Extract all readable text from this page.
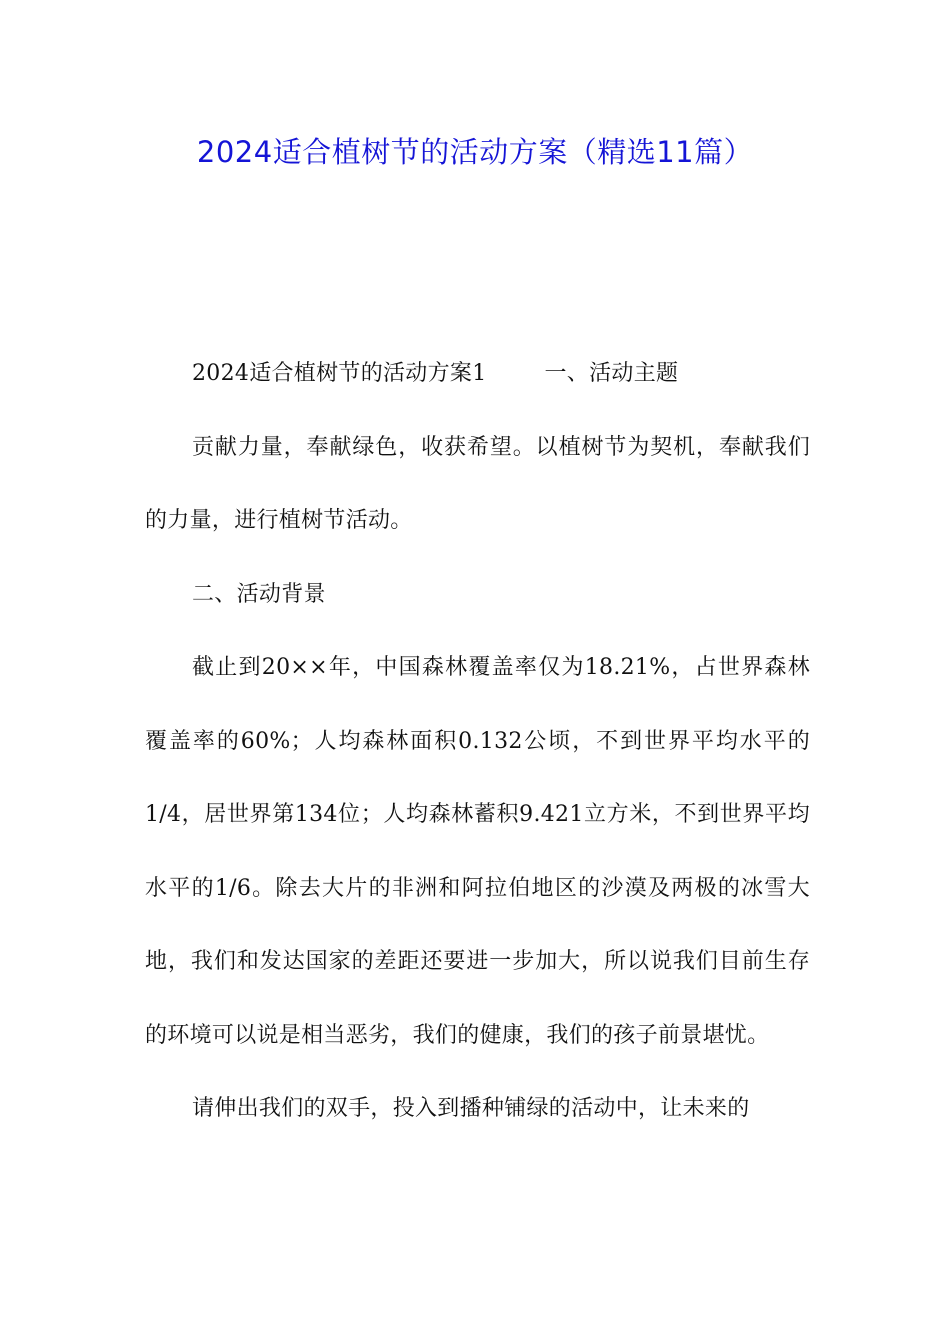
2024适合植树节的活动方案（精选11篇）

2024适合植树节的活动方案1	一、活动主题

贡献力量，奉献绿色，收获希望。以植树节为契机，奉献我们的力量，进行植树节活动。

二、活动背景

截止到20××年，中国森林覆盖率仅为18.21%，占世界森林覆盖率的60%；人均森林面积0.132公顷，不到世界平均水平的1/4，居世界第134位；人均森林蓄积9.421立方米，不到世界平均水平的1/6。除去大片的非洲和阿拉伯地区的沙漠及两极的冰雪大地，我们和发达国家的差距还要进一步加大，所以说我们目前生存的环境可以说是相当恶劣，我们的健康，我们的孩子前景堪忧。

请伸出我们的双手，投入到播种铺绿的活动中，让未来的
